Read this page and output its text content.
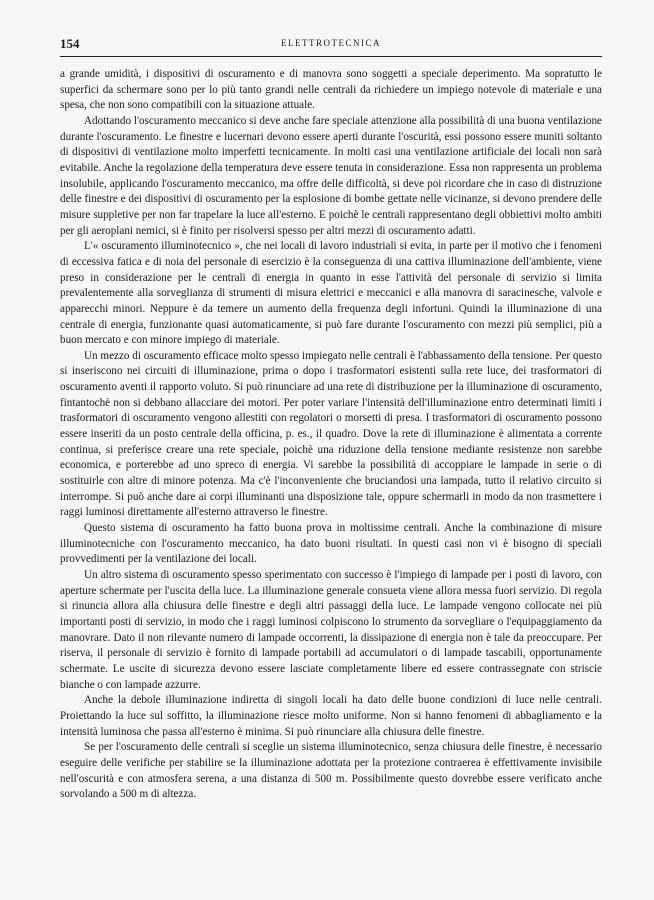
154	ELETTROTECNICA

a grande umidità, i dispositivi di oscuramento e di manovra sono soggetti a speciale deperimento. Ma sopratutto le superfici da schermare sono per lo più tanto grandi nelle centrali da richiedere un impiego notevole di materiale e una spesa, che non sono compatibili con la situazione attuale.

Adottando l'oscuramento meccanico si deve anche fare speciale attenzione alla possibilità di una buona ventilazione durante l'oscuramento. Le finestre e lucernari devono essere aperti durante l'oscurità, essi possono essere muniti soltanto di dispositivi di ventilazione molto imperfetti tecnicamente. In molti casi una ventilazione artificiale dei locali non sarà evitabile. Anche la regolazione della temperatura deve essere tenuta in considerazione. Essa non rappresenta un problema insolubile, applicando l'oscuramento meccanico, ma offre delle difficoltà, si deve poi ricordare che in caso di distruzione delle finestre e dei dispositivi di oscuramento per la esplosione di bombe gettate nelle vicinanze, si devono prendere delle misure suppletive per non far trapelare la luce all'esterno. E poichè le centrali rappresentano degli obbiettivi molto ambiti per gli aeroplani nemici, si è finito per risolversi spesso per altri mezzi di oscuramento adatti.

L'« oscuramento illuminotecnico », che nei locali di lavoro industriali si evita, in parte per il motivo che i fenomeni di eccessiva fatica e di noia del personale di esercizio è la conseguenza di una cattiva illuminazione dell'ambiente, viene preso in considerazione per le centrali di energia in quanto in esse l'attività del personale di servizio si limita prevalentemente alla sorveglianza di strumenti di misura elettrici e meccanici e alla manovra di saracinesche, valvole e apparecchi minori. Neppure è da temere un aumento della frequenza degli infortuni. Quindi la illuminazione di una centrale di energia, funzionante quasi automaticamente, si può fare durante l'oscuramento con mezzi più semplici, più a buon mercato e con minore impiego di materiale.

Un mezzo di oscuramento efficace molto spesso impiegato nelle centrali è l'abbassamento della tensione. Per questo si inseriscono nei circuiti di illuminazione, prima o dopo i trasformatori esistenti sulla rete luce, dei trasformatori di oscuramento aventi il rapporto voluto. Si può rinunciare ad una rete di distribuzione per la illuminazione di oscuramento, fintantochè non si debbano allacciare dei motori. Per poter variare l'intensità dell'illuminazione entro determinati limiti i trasformatori di oscuramento vengono allestiti con regolatori o morsetti di presa. I trasformatori di oscuramento possono essere inseriti da un posto centrale della officina, p. es., il quadro. Dove la rete di illuminazione è alimentata a corrente continua, si preferisce creare una rete speciale, poichè una riduzione della tensione mediante resistenze non sarebbe economica, e porterebbe ad uno spreco di energia. Vi sarebbe la possibilità di accoppiare le lampade in serie o di sostituirle con altre di minore potenza. Ma c'è l'inconveniente che bruciandosi una lampada, tutto il relativo circuito si interrompe. Si può anche dare ai corpi illuminanti una disposizione tale, oppure schermarli in modo da non trasmettere i raggi luminosi direttamente all'esterno attraverso le finestre.

Questo sistema di oscuramento ha fatto buona prova in moltissime centrali. Anche la combinazione di misure illuminotecniche con l'oscuramento meccanico, ha dato buoni risultati. In questi casi non vi è bisogno di speciali provvedimenti per la ventilazione dei locali.

Un altro sistema di oscuramento spesso sperimentato con successo è l'impiego di lampade per i posti di lavoro, con aperture schermate per l'uscita della luce. La illuminazione generale consueta viene allora messa fuori servizio. Di regola si rinuncia allora alla chiusura delle finestre e degli altri passaggi della luce. Le lampade vengono collocate nei più importanti posti di servizio, in modo che i raggi luminosi colpiscono lo strumento da sorvegliare o l'equipaggiamento da manovrare. Dato il non rilevante numero di lampade occorrenti, la dissipazione di energia non è tale da preoccupare. Per riserva, il personale di servizio è fornito di lampade portabili ad accumulatori o di lampade tascabili, opportunamente schermate. Le uscite di sicurezza devono essere lasciate completamente libere ed essere contrassegnate con striscie bianche o con lampade azzurre.

Anche la debole illuminazione indiretta di singoli locali ha dato delle buone condizioni di luce nelle centrali. Proiettando la luce sul soffitto, la illuminazione riesce molto uniforme. Non si hanno fenomeni di abbagliamento e la intensità luminosa che passa all'esterno è minima. Si può rinunciare alla chiusura delle finestre.

Se per l'oscuramento delle centrali si sceglie un sistema illuminotecnico, senza chiusura delle finestre, è necessario eseguire delle verifiche per stabilire se la illuminazione adottata per la protezione contraerea è effettivamente invisibile nell'oscurità e con atmosfera serena, a una distanza di 500 m. Possibilmente questo dovrebbe essere verificato anche sorvolando a 500 m di altezza.
